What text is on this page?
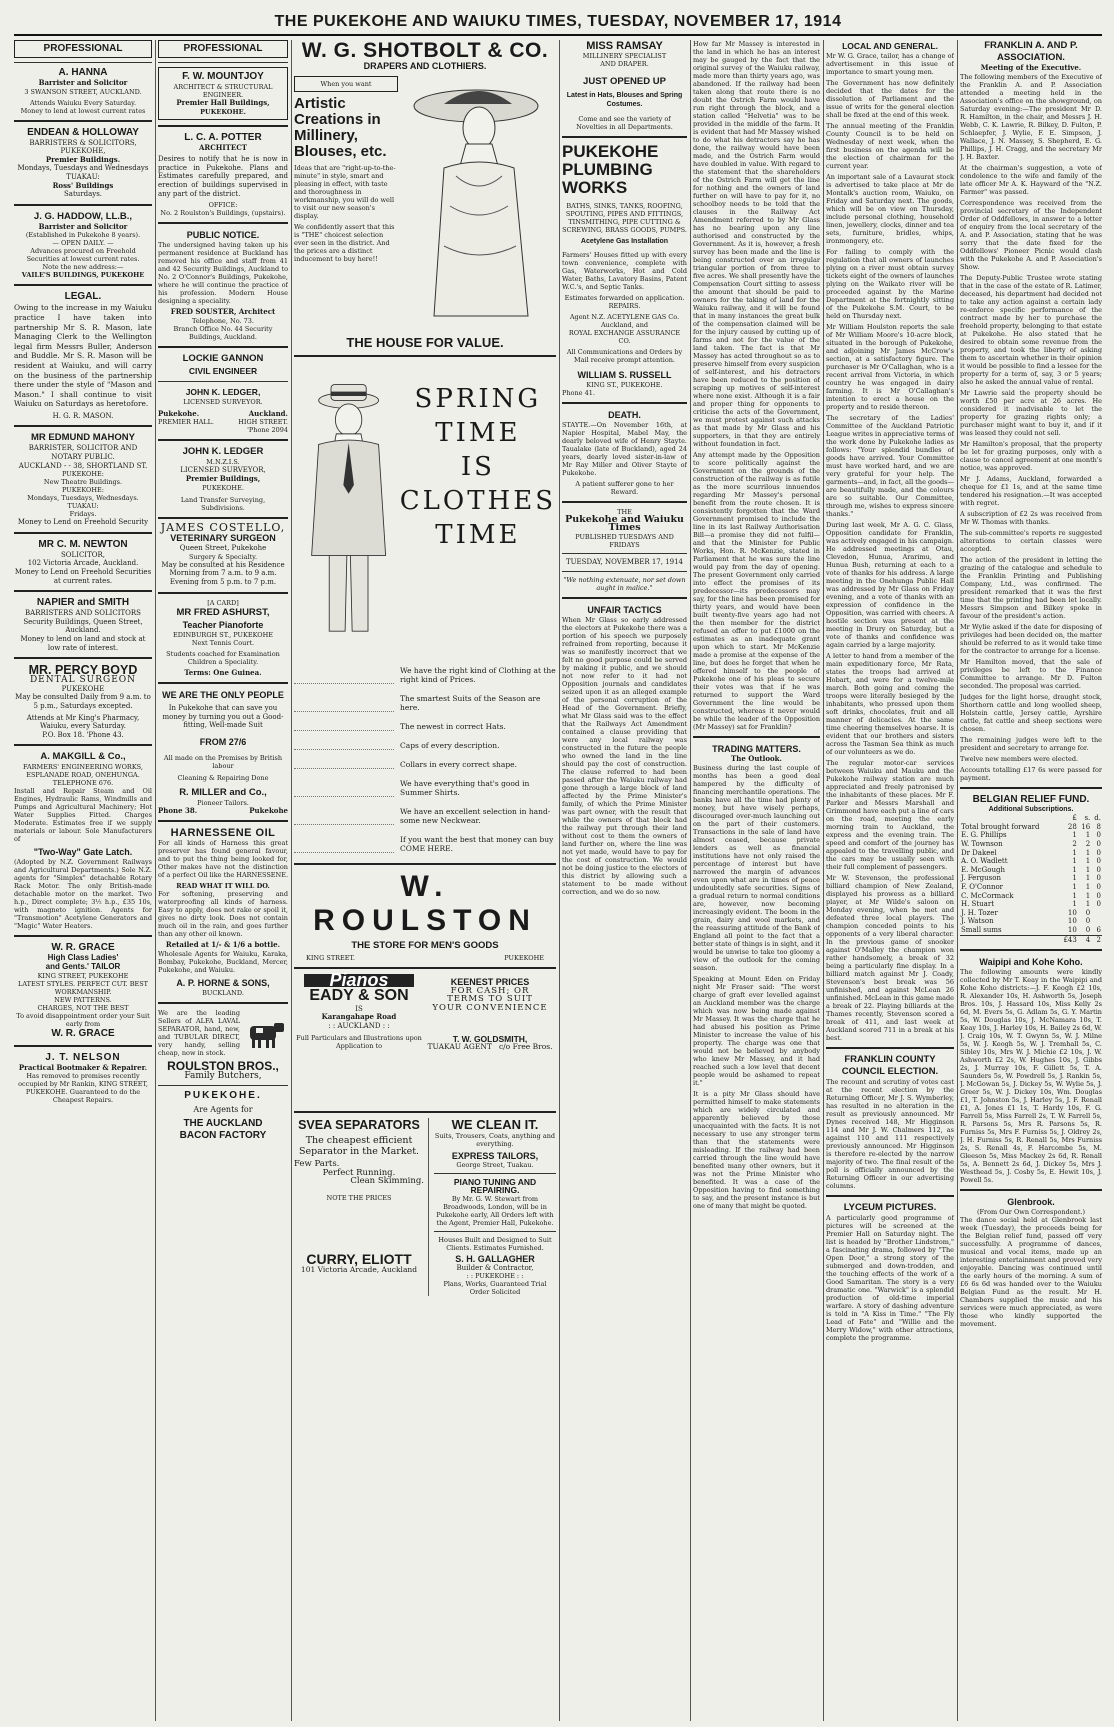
THE PUKEKOHE AND WAIUKU TIMES, TUESDAY, NOVEMBER 17, 1914
PROFESSIONAL
A. HANNA
Barrister and Solicitor
3 SWANSON STREET, AUCKLAND.
Attends Waiuku Every Saturday.
Money to lend at lowest current rates
ENDEAN & HOLLOWAY
BARRISTERS & SOLICITORS,
PUKEKOHE,
Premier Buildings.
Mondays, Tuesdays and Wednesdays
TUAKAU:
Ross' Buildings
Saturdays.
J. G. HADDOW, LL.B.,
Barrister and Solicitor
(Established in Pukekohe 8 years).
— OPEN DAILY. —
Advances procured on Freehold Securities at lowest current rates.
Note the new address:—
VAILE'S BUILDINGS, PUKEKOHE
LEGAL.

Owing to the increase in my Waiuku practice I have taken into partnership Mr S. R. Mason, late Managing Clerk to the Wellington legal firm Messrs Buller, Anderson and Buddle. Mr S. R. Mason will be resident at Waiuku, and will carry on the business of the partnership there under the style of "Mason and Mason." I shall continue to visit Waiuku on Saturdays as heretofore.

H. G. R. MASON.
MR EDMUND MAHONY
BARRISTER, SOLICITOR AND NOTARY PUBLIC.
AUCKLAND - - 38, SHORTLAND ST.
PUKEKOHE:
New Theatre Buildings.
PUKEKOHE:
Mondays, Tuesdays, Wednesdays.
TUAKAU:
Fridays.
Money to Lend on Freehold Security
MR C. M. NEWTON
SOLICITOR,
102 Victoria Arcade, Auckland.
Money to Lend on Freehold Securities at current rates.
NAPIER and SMITH
BARRISTERS AND SOLICITORS
Security Buildings, Queen Street, Auckland.
Money to lend on land and stock at low rate of interest.
MR. PERCY BOYD
DENTAL SURGEON
PUKEKOHE
May be consulted Daily from 9 a.m. to 5 p.m., Saturdays excepted.
Attends at Mr King's Pharmacy, Waiuku, every Saturday.
P.O. Box 18. 'Phone 43.
A. MAKGILL & Co.,
FARMERS' ENGINEERING WORKS,
ESPLANADE ROAD, ONEHUNGA.
TELEPHONE 676.

Install and Repair Steam and Oil Engines, Hydraulic Rams, Windmills and Pumps and Agricultural Machinery; Hot Water Supplies Fitted. Charges Moderate. Estimates free if we supply materials or labour. Sole Manufacturers of

"Two-Way" Gate Latch.

(Adopted by N.Z. Government Railways and Agricultural Departments.) Sole N.Z. agents for "Simplex" detachable Rotary Rack Motor. The only British-made detachable motor on the market. Two h.p., Direct complete; 3½ h.p., £35 10s, with magneto ignition. Agents for "Transmotion" Acetylene Generators and "Magic" Water Heaters.

W. R. GRACE
High Class Ladies'
and Gents.' TAILOR
KING STREET, PUKEKOHE
LATEST STYLES. PERFECT CUT. BEST WORKMANSHIP.
NEW PATTERNS.
CHARGES, NOT THE BEST
To avoid disappointment order your Suit early from
W. R. GRACE
J. T. NELSON
Practical Bootmaker & Repairer.
Has removed to premises recently occupied by Mr Rankin, KING STREET, PUKEKOHE. Guaranteed to do the Cheapest Repairs.
PROFESSIONAL
F. W. MOUNTJOY
ARCHITECT & STRUCTURAL ENGINEER.
Premier Hall Buildings,
PUKEKOHE.
L. C. A. POTTER
ARCHITECT

Desires to notify that he is now in practice in Pukekohe. Plans and Estimates carefully prepared, and erection of buildings supervised in any part of the district.

OFFICE:
No. 2 Roulston's Buildings, (upstairs).
PUBLIC NOTICE.

The undersigned having taken up his permanent residence at Buckland has removed his office and staff from 41 and 42 Security Buildings, Auckland to No. 2 O'Connor's Buildings, Pukekohe, where he will continue the practice of his profession. Modern House designing a speciality.

FRED SOUSTER, Architect
Telephone, No. 73.
Branch Office No. 44 Security Buildings, Auckland.
LOCKIE GANNON
CIVIL ENGINEER
JOHN K. LEDGER,
LICENSED SURVEYOR.
Pukekohe.	Auckland.
PREMIER HALL.	HIGH STREET. 'Phone 2094
JOHN K. LEDGER
M.N.Z.I.S.
LICENSED SURVEYOR,
Premier Buildings,
PUKEKOHE.
Land Transfer Surveying, Subdivisions.
JAMES COSTELLO,
VETERINARY SURGEON
Queen Street, Pukekohe
Surgery & Specialty.
May be consulted at his Residence Morning from 7 a.m. to 9 a.m. Evening from 5 p.m. to 7 p.m.
[A CARD]
MR FRED ASHURST,
Teacher Pianoforte
EDINBURGH ST., PUKEKOHE
Next Tennis Court.
Students coached for Examination Children a Speciality.
Terms: One Guinea.
WE ARE THE ONLY PEOPLE
In Pukekohe that can save you money by turning you out a Good-fitting, Well-made Suit
FROM 27/6
All made on the Premises by British labour
Cleaning & Repairing Done
R. MILLER and Co.,
Pioneer Tailors.
Phone 38.	Pukekohe
HARNESSENE OIL

For all kinds of Harness this great preserver has found general favour, and to put the thing being looked for, Other makes have not the distinction of a perfect Oil like the HARNESSENE.

READ WHAT IT WILL DO.

For softening, preserving and waterproofing all kinds of harness. Easy to apply, does not rake or spoil it, gives no dirty look. Does not contain much oil in the rain, and goes further than any other oil known.

Retailed at 1/- & 1/6 a bottle.

Wholesale Agents for Waiuku, Karaka, Bombay, Pukekohe, Buckland, Mercer, Pukekohe, and Waiuku.

A. P. HORNE & SONS,
BUCKLAND.

We are the leading Sellers of ALFA LAVAL SEPARATOR, hand, new, and TUBULAR DIRECT, very handy, selling cheap, now in stock.

ROULSTON BROS.,
Family Butchers,
PUKEKOHE.
Are Agents for
THE AUCKLAND
BACON FACTORY
W. G. SHOTBOLT & CO.
DRAPERS AND CLOTHIERS.
When you want
Artistic Creations in Millinery, Blouses, etc.

Ideas that are "right-up-to-the-minute" in style, smart and pleasing in effect, with taste and thoroughness in workmanship, you will do well to visit our new season's display.

We confidently assert that this is "THE" choicest selection ever seen in the district. And the prices are a distinct inducement to buy here!!

THE HOUSE FOR VALUE.
SPRING
TIME
IS
CLOTHES
TIME
We have the right kind of Clothing at the right kind of Prices.
The smartest Suits of the Season are here.
The newest in correct Hats.
Caps of every description.
Collars in every correct shape.
We have everything that's good in Summer Shirts.
We have an excellent selection in hand-some new Neckwear.
If you want the best that money can buy COME HERE.
W. ROULSTON
THE STORE FOR MEN'S GOODS
KING STREET.	PUKEKOHE
Pianos
EADY & SON
IS
Karangahape Road
: : AUCKLAND : :
Full Particulars and Illustrations upon Application to
KEENEST PRICES
FOR CASH; OR
TERMS TO SUIT
YOUR CONVENIENCE
T. W. GOLDSMITH,
TUAKAU AGENT c/o Free Bros.
SVEA SEPARATORS
The cheapest efficient Separator in the Market.
Few Parts.
Perfect Running.
Clean Skimming.
NOTE THE PRICES
CURRY, ELIOTT
101 Victoria Arcade, Auckland
WE CLEAN IT.
Suits, Trousers, Coats, anything and everything.
EXPRESS TAILORS,
George Street, Tuakau.
PIANO TUNING AND REPAIRING.
By Mr. G. W. Stewart from Broadwoods, London, will be in Pukekohe early, All Orders left with the Agent, Premier Hall, Pukekohe.
Houses Built and Designed to Suit Clients. Estimates Furnished.
S. H. GALLAGHER
Builder & Contractor,
: : PUKEKOHE : :
Plans, Works, Guaranteed Trial Order Solicited
MISS RAMSAY
MILLINERY SPECIALIST
AND DRAPER.
JUST OPENED UP
Latest in Hats, Blouses and Spring Costumes.
Come and see the variety of Novelties in all Departments.
PUKEKOHE PLUMBING WORKS
BATHS, SINKS, TANKS, ROOFING, SPOUTING, PIPES AND FITTINGS, TINSMITHING, PIPE CUTTING & SCREWING, BRASS GOODS, PUMPS.
Acetylene Gas Installation

Farmers' Houses fitted up with every town convenience, complete with Gas, Waterworks, Hot and Cold Water, Baths, Lavatory Basins, Patent W.C.'s, and Septic Tanks.

Estimates forwarded on application.
REPAIRS.
Agent N.Z. ACETYLENE GAS Co. Auckland, and
ROYAL EXCHANGE ASSURANCE CO.
All Communications and Orders by Mail receive prompt attention.
WILLIAM S. RUSSELL
KING ST., PUKEKOHE.
Phone 41.
DEATH.

STAYTE.—On November 16th, at Napier Hospital, Mabel May, the dearly beloved wife of Henry Stayte. Taualake (late of Buckland), aged 24 years, dearly loved sister-in-law of Mr Ray Miller and Oliver Stayte of Pukekohe.

A patient sufferer gone to her Reward.
THE
Pukekohe and Waiuku Times
PUBLISHED TUESDAYS AND FRIDAYS
TUESDAY, NOVEMBER 17, 1914
"We nothing extenuate, nor set down aught in malice."
UNFAIR TACTICS

When Mr Glass so early addressed the electors at Pukekohe there was a portion of his speech we purposely refrained from reporting, because it was so manifestly incorrect that we felt no good purpose could be served by making it public, and we should not now refer to it had not Opposition journals and candidates seized upon it as an alleged example of the personal corruption of the Head of the Government. Briefly, what Mr Glass said was to the effect that the Railways Act Amendment contained a clause providing that were any local railway was constructed in the future the people who owned the land in the line should pay the cost of construction. The clause referred to had been passed after the Waiuku railway had gone through a large block of land affected by the Prime Minister's family, of which the Prime Minister was part owner, with the result that while the owners of that block had the railway put through their land without cost to them the owners of land further on, where the line was not yet made, would have to pay for the cost of construction. We would not be doing justice to the electors of this district by allowing such a statement to be made without correction, and we do so now.

How far Mr Massey is interested in the land in which he has an interest may be gauged by the fact that the original survey of the Waiuku railway, made more than thirty years ago, was abandoned. If the railway had been taken along that route there is no doubt the Ostrich Farm would have run right through the block, and a station called "Helvetia" was to be provided in the middle of the farm. It is evident that had Mr Massey wished to do what his detractors say he has done, the railway would have been made, and the Ostrich Farm would have doubled in value. With regard to the statement that the shareholders of the Ostrich Farm will get the line for nothing and the owners of land further on will have to pay for it, no schoolboy needs to be told that the clauses in the Railway Act Amendment referred to by Mr Glass has no bearing upon any line authorised and constructed by the Government. As it is, however, a fresh survey has been made and the line is being constructed over an irregular triangular portion of from three to five acres. We shall presently have the Compensation Court sitting to assess the amount that should be paid to owners for the taking of land for the Waiuku railway, and it will be found that in many instances the great bulk of the compensation claimed will be for the injury caused by cutting up of farms and not for the value of the land taken. The fact is that Mr Massey has acted throughout so as to preserve himself from every suspicion of self-interest, and his detractors have been reduced to the position of scraping up motives of self-interest where none exist. Although it is a fair and proper thing for opponents to criticise the acts of the Government, we must protest against such attacks as that made by Mr Glass and his supporters, in that they are entirely without foundation in fact.

Any attempt made by the Opposition to score politically against the Government on the grounds of the construction of the railway is as futile as the more scurrilous innuendos regarding Mr Massey's personal benefit from the route chosen. It is consistently forgotten that the Ward Government promised to include the line in its last Railway Authorisation Bill—a promise they did not fulfil—and that the Minister for Public Works, Hon. R. McKenzie, stated in Parliament that he was sure the line would pay from the day of opening. The present Government only carried into effect the promises of its predecessor—its predecessors may say, for the line has been promised for thirty years, and would have been built twenty-five years ago had not the then member for the district refused an offer to put £1000 on the estimates as an inadequate grant upon which to start. Mr McKenzie made a promise at the expense of the line, but does he forget that when he offered himself to the people of Pukekohe one of his pleas to secure their votes was that if he was returned to support the Ward Government the line would be constructed, whereas it never would be while the leader of the Opposition (Mr Massey) sat for Franklin?

TRADING MATTERS.
The Outlook.

Business during the last couple of months has been a good deal hampered by the difficulty of financing merchantile operations. The banks have all the time had plenty of money, but have wisely perhaps, discouraged over-much launching out on the part of their customers. Transactions in the sale of land have almost ceased, because private lenders as well as financial institutions have not only raised the percentage of interest but have narrowed the margin of advances even upon what are in times of peace undoubtedly safe securities. Signs of a gradual return to normal conditions are, however, now becoming increasingly evident. The boom in the grain, dairy and wool markets, and the reassuring attitude of the Bank of England all point to the fact that a better state of things is in sight, and it would be unwise to take too gloomy a view of the outlook for the coming season.

Speaking at Mount Eden on Friday night Mr Fraser said: "The worst charge of graft ever levelled against an Auckland member was the charge which was now being made against Mr Massey. It was the charge that he had abused his position as Prime Minister to increase the value of his property. The charge was one that would not be believed by anybody who knew Mr Massey, and it had reached such a low level that decent people would be ashamed to repeat it."

It is a pity Mr Glass should have permitted himself to make statements which are widely circulated and apparently believed by those unacquainted with the facts. It is not necessary to use any stronger term than that the statements were misleading. If the railway had been carried through the line would have benefited many other owners, but it was not the Prime Minister who benefited. It was a case of the Opposition having to find something to say, and the present instance is but one of many that might be quoted.

LOCAL AND GENERAL.

Mr W. G. Grace, tailor, has a change of advertisement in this issue of importance to smart young men.

The Government has now definitely decided that the dates for the dissolution of Parliament and the issue of writs for the general election shall be fixed at the end of this week.

The annual meeting of the Franklin County Council is to be held on Wednesday of next week, when the first business on the agenda will be the election of chairman for the current year.

An important sale of a Lavaurat stock is advertised to take place at Mr de Montalk's auction room, Waiuku, on Friday and Saturday next. The goods, which will be on view on Thursday, include personal clothing, household linen, jewellery, clocks, dinner and tea sets, furniture, bridles, whips, ironmongery, etc.

For failing to comply with the regulation that all owners of launches plying on a river must obtain survey tickets eight of the owners of launches plying on the Waikato river will be proceeded against by the Marine Department at the fortnightly sitting of the Pukekohe S.M. Court, to be held on Thursday next.

Mr William Houlston reports the sale of Mr William Moore's 10-acre block, situated in the borough of Pukekohe, and adjoining Mr James McCrow's section, at a satisfactory figure. The purchaser is Mr O'Callaghan, who is a recent arrival from Victoria, in which country he was engaged in dairy farming. It is Mr O'Callaghan's intention to erect a house on the property and to reside thereon.

The secretary of the Ladies' Committee of the Auckland Patriotic League writes in appreciative terms of the work done by Pukekohe ladies as follows: "Your splendid bundles of goods have arrived. Your Committee must have worked hard, and we are very grateful for your help. The garments—and, in fact, all the goods—are beautifully made, and the colours are so suitable. Our Committee, through me, wishes to express sincere thanks."

During last week, Mr A. G. C. Glass, Opposition candidate for Franklin, was actively engaged in his campaign. He addressed meetings at Otau, Clevedon, Hunua, Ararimu, and Hunua Bush, returning at each to a vote of thanks for his address. A large meeting in the Onehunga Public Hall was addressed by Mr Glass on Friday evening, and a vote of thanks with an expression of confidence in the Opposition, was carried with cheers. A hostile section was present at the meeting in Drury on Saturday, but a vote of thanks and confidence was again carried by a large majority.

A letter to hand from a member of the main expeditionary force, Mr Rata, states the troops had arrived at Hobart, and were for a twelve-mile march. Both going and coming the troops were literally besieged by the inhabitants, who pressed upon them soft drinks, chocolates, fruit and all manner of delicacies. At the same time cheering themselves hoarse. It is evident that our brothers and sisters across the Tasman Sea think as much of our volunteers as we do.

The regular motor-car services between Waiuku and Mauku and the Pukekohe railway station are much appreciated and freely patronised by the inhabitants of these places. Mr F. Parker and Messrs Marshall and Grimmond have each put a line of cars on the road, meeting the early morning train to Auckland, the express and the evening train. The speed and comfort of the journey has appealed to the travelling public, and the cars may be usually seen with their full complement of passengers.

Mr W. Stevenson, the professional billiard champion of New Zealand, displayed his prowess as a billiard player, at Mr Wilde's saloon on Monday evening, when he met and defeated three local players. The champion conceded points to his opponents of a very liberal character. In the previous game of snooker against O'Malley the champion won rather handsomely, a break of 32 being a particularly fine display. In a billiard match against Mr J. Coady, Stevenson's best break was 56 unfinished, and against McLean 26 unfinished. McLean in this game made a break of 22. Playing billiards at the Thames recently, Stevenson scored a break of 411, and last week at Auckland scored 711 in a break at his best.

FRANKLIN COUNTY COUNCIL ELECTION.

The recount and scrutiny of votes cast at the recent election by the Returning Officer, Mr J. S. Wymberley, has resulted in no alteration in the result as previously announced. Mr Dynes received 148, Mr Higginson 114 and Mr J. W. Chalmers 112, as against 110 and 111 respectively previously announced. Mr Higginson is therefore re-elected by the narrow majority of two. The final result of the poll is officially announced by the Returning Officer in our advertising columns.

LYCEUM PICTURES.

A particularly good programme of pictures will be screened at the Premier Hall on Saturday night. The list is headed by "Brother Lindstrom," a fascinating drama, followed by "The Open Door," a strong story of the submerged and down-trodden, and the touching effects of the work of a Good Samaritan. The story is a very dramatic one. "Warwick" is a splendid production of old-time imperial warfare. A story of dashing adventure is told in "A Kiss in Time." "The Fly Lead of Fate" and "Willie and the Merry Widow," with other attractions, complete the programme.

FRANKLIN A. AND P. ASSOCIATION.
Meeting of the Executive.

The following members of the Executive of the Franklin A. and P. Association attended a meeting held in the Association's office on the showground, on Saturday evening:—The president Mr D. R. Hamilton, in the chair, and Messrs J. H. Webb, C. K. Lawrie, R. Bilkey, D. Fulton, P. Schlaepfer, J. Wylie, F. E. Simpson, J. Wallace, J. N. Massey, S. Shepherd, E. G. Phillips, J. H. Cragg, and the secretary Mr J. H. Baxter.

At the chairman's suggestion, a vote of condolence to the wife and family of the late officer Mr A. K. Hayward of the "N.Z. Farmer" was passed.

Correspondence was received from the provincial secretary of the Independent Order of Oddfellows, in answer to a letter of enquiry from the local secretary of the A. and P. Association, stating that he was sorry that the date fixed for the Oddfellows' Pioneer Picnic would clash with the Pukekohe A. and P. Association's Show.

The Deputy-Public Trustee wrote stating that in the case of the estate of R. Latimer, deceased, his department had decided not to take any action against a certain lady re-enforce specific performance of the contract made by her to purchase the freehold property, belonging to that estate at Pukekohe. He also stated that he desired to obtain some revenue from the property, and took the liberty of asking them to ascertain whether in their opinion it would be possible to find a lessee for the property for a term of, say, 3 or 5 years; also he asked the annual value of rental.

Mr Lawrie said the property should be worth £50 per acre at 26 acres. He considered it inadvisable to let the property for grazing rights only; a purchaser might want to buy it, and if it was leased they could not sell.

Mr Hamilton's proposal, that the property be let for grazing purposes, only with a clause to cancel agreement at one month's notice, was approved.

Mr J. Adams, Auckland, forwarded a cheque for £1 1s, and at the same time tendered his resignation.—It was accepted with regret.

A subscription of £2 2s was received from Mr W. Thomas with thanks.

The sub-committee's reports re suggested alterations to certain classes were accepted.

The action of the president in letting the grazing of the catalogue and schedule to the Franklin Printing and Publishing Company, Ltd., was confirmed. The president remarked that it was the first time that the printing had been let locally. Messrs Simpson and Bilkey spoke in favour of the president's action.

Mr Wylie asked if the date for disposing of privileges had been decided on, the matter should be referred to as it would take time for the contractor to arrange for a license.

Mr Hamilton moved, that the sale of privileges be left to the Finance Committee to arrange. Mr D. Fulton seconded. The proposal was carried.

Judges for the light horse, draught stock, Shorthorn cattle and long woolled sheep, Holstein cattle, Jersey cattle, Ayrshire cattle, fat cattle and sheep sections were chosen.

The remaining judges were left to the president and secretary to arrange for.

Twelve new members were elected.

Accounts totalling £17 6s were passed for payment.

BELGIAN RELIEF FUND.
Additional Subscriptions.
	£	s.	d.
Total brought forward	28	16	8
E. G. Phillips	1	1	0
W. Townson	2	2	0
Dr Dakeel	1	1	0
A. O. Wadlett	1	1	0
E. McGough	1	1	0
J. Ferguson	1	1	0
F. O'Connor	1	1	0
C. McCormack	1	1	0
H. Stuart	1	1	0
J. H. Tozer	10	0	
J. Watson	10	0	
Small sums	10	0	6
	£43	4	2
Waipipi and Kohe Koho.

The following amounts were kindly collected by Mr T. Keay in the Waipipi and Kohe Koho districts:—J. F. Keogh £2 10s, R. Alexander 10s, H. Ashworth 5s, Joseph Bros. 10s, J. Hassard 10s, Miss Kelly 2s 6d, M. Evers 5s, G. Adlam 5s, G. Y. Martin 5s, W. Douglas 10s, J. McNamara 10s, T. Keay 10s, J. Harley 10s, H. Bailey 2s 6d, W. J. Craig 10s, W. T. Gwynn 5s, W. J. Milne 5s, W. J. Keogh 5s, W. J. Tremhall 5s, C. Sibley 10s, Mrs W. J. Michie £2 10s, J. W. Ashworth £2 2s, W. Hughes 10s, J. Gibbs 2s, J. Murray 10s, F. Gillett 5s, T. A. Saunders 5s, W. Powdrell 5s, J. Rankin 5s, J. McGowan 5s, J. Dickey 5s, W. Wylie 5s, J. Greer 5s, W. J. Dickey 10s, Wm. Douglas £1, T. Johnston 5s, J. Harley 5s, J. F. Renall £1, A. Jones £1 1s, T. Hardy 10s, F. G. Farrell 5s, Miss Farrell 2s, T. W. Farrell 5s, R. Parsons 5s, Mrs R. Parsons 5s, R. Furniss 5s, Mrs F. Furniss 5s, J. Oldrey 2s, J. H. Furniss 5s, R. Renall 5s, Mrs Furniss 2s, S. Renall 4s, F. Harcombe 5s, M. Gleeson 5s, Miss Mackey 2s 6d, R. Renall 5s, A. Bennett 2s 6d, J. Dickey 5s, Mrs J. Westhead 5s, J. Cosby 5s, E. Hewit 10s, J. Powell 5s.

Glenbrook.
(From Our Own Correspondent.)

The dance social held at Glenbrook last week (Tuesday), the proceeds being for the Belgian relief fund, passed off very successfully. A programme of dances, musical and vocal items, made up an interesting entertainment and proved very enjoyable. Dancing was continued until the early hours of the morning. A sum of £6 6s 6d was handed over to the Waiuku Belgian Fund as the result. Mr H. Chambers supplied the music and his services were much appreciated, as were those who kindly supported the movement.
